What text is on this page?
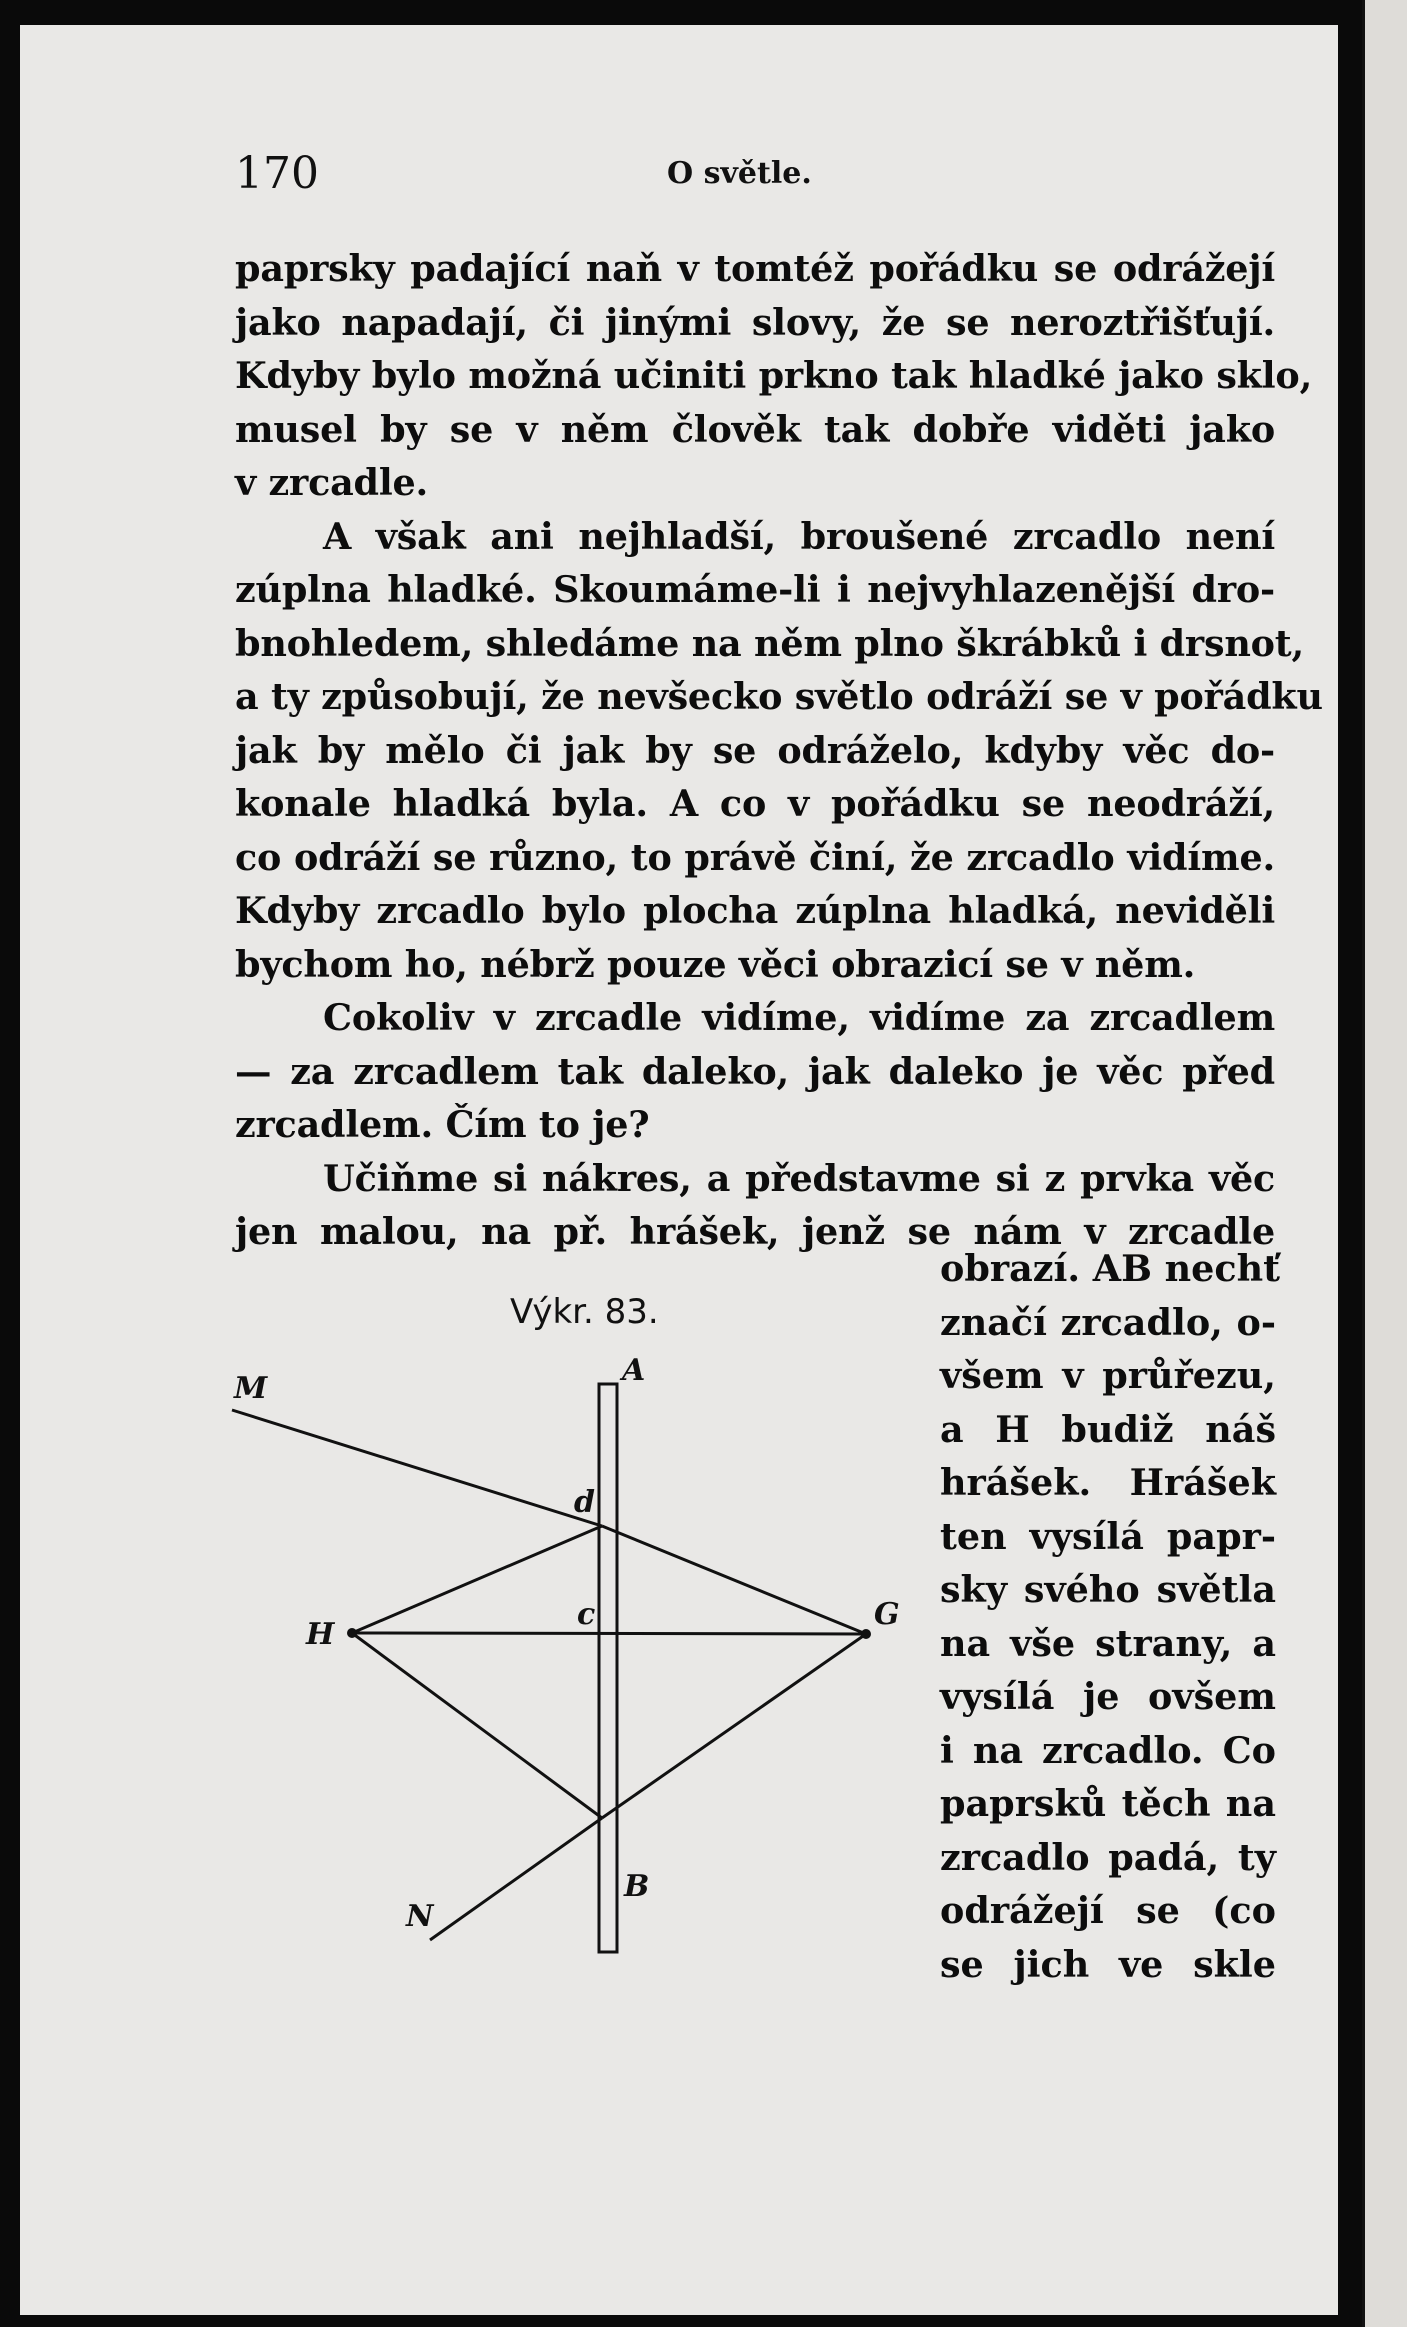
170	O světle.
paprsky padající naň v tomtéž pořádku se odrážejí
jako napadají, či jinými slovy, že se neroztřišťují.
Kdyby bylo možná učiniti prkno tak hladké jako sklo,
musel by se v něm člověk tak dobře viděti jako
v zrcadle.
A však ani nejhladší, broušené zrcadlo není
zúplna hladké. Skoumáme-li i nejvyhlazenější dro-
bnohledem, shledáme na něm plno škrábků i drsnot,
a ty způsobují, že nevšecko světlo odráží se v pořádku
jak by mělo či jak by se odráželo, kdyby věc do-
konale hladká byla. A co v pořádku se neodráží,
co odráží se různo, to právě činí, že zrcadlo vidíme.
Kdyby zrcadlo bylo plocha zúplna hladká, neviděli
bychom ho, nébrž pouze věci obrazicí se v něm.
Cokoliv v zrcadle vidíme, vidíme za zrcadlem
— za zrcadlem tak daleko, jak daleko je věc před
zrcadlem. Čím to je?
Učiňme si nákres, a představme si z prvka věc
jen malou, na př. hrášek, jenž se nám v zrcadle
Výkr. 83.
M
A
d
H
c	G
N
B
obrazí. AB nechť
značí zrcadlo, o-
všem v průřezu,
a H budiž náš
hrášek. Hrášek
ten vysílá papr-
sky svého světla
na vše strany, a
vysílá je ovšem
i na zrcadlo. Co
paprsků těch na
zrcadlo padá, ty
odrážejí se (co
se jich ve skle
